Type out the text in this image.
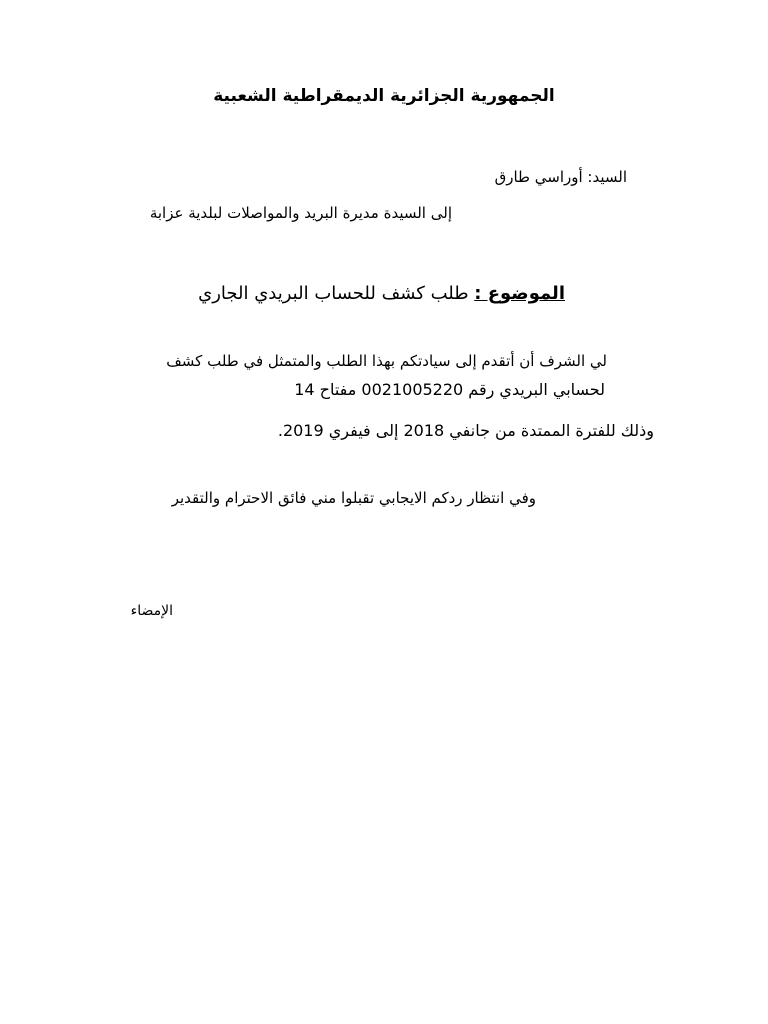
الجمهورية الجزائرية الديمقراطية الشعبية
السيد: أوراسي طارق
إلى السيدة مديرة البريد والمواصلات لبلدية عزابة
الموضوع : طلب كشف للحساب البريدي الجاري
لي الشرف أن أتقدم إلى سيادتكم بهذا الطلب والمتمثل في طلب كشف
لحسابي البريدي رقم 0021005220 مفتاح 14
وذلك للفترة الممتدة من جانفي 2018 إلى فيفري 2019.
وفي انتظار ردكم الايجابي تقبلوا مني فائق الاحترام والتقدير
الإمضاء
